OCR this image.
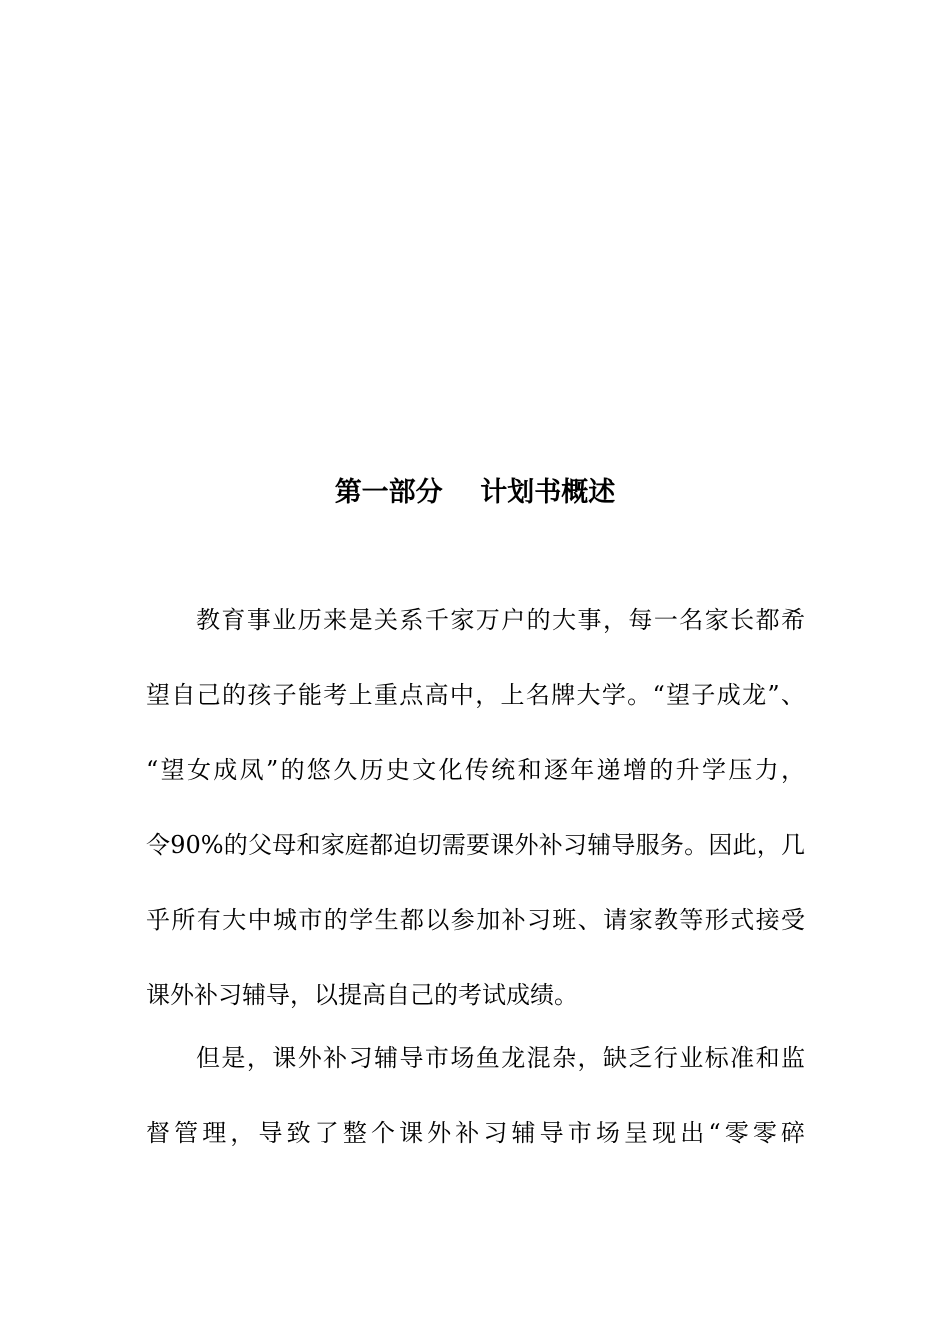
第一部分    计划书概述
教育事业历来是关系千家万户的大事，每一名家长都希
望自己的孩子能考上重点高中，上名牌大学。“望子成龙”、
“望女成凤”的悠久历史文化传统和逐年递增的升学压力，
令90%的父母和家庭都迫切需要课外补习辅导服务。因此，几
乎所有大中城市的学生都以参加补习班、请家教等形式接受
课外补习辅导，以提高自己的考试成绩。
但是，课外补习辅导市场鱼龙混杂，缺乏行业标准和监
督管理，导致了整个课外补习辅导市场呈现出“零零碎
